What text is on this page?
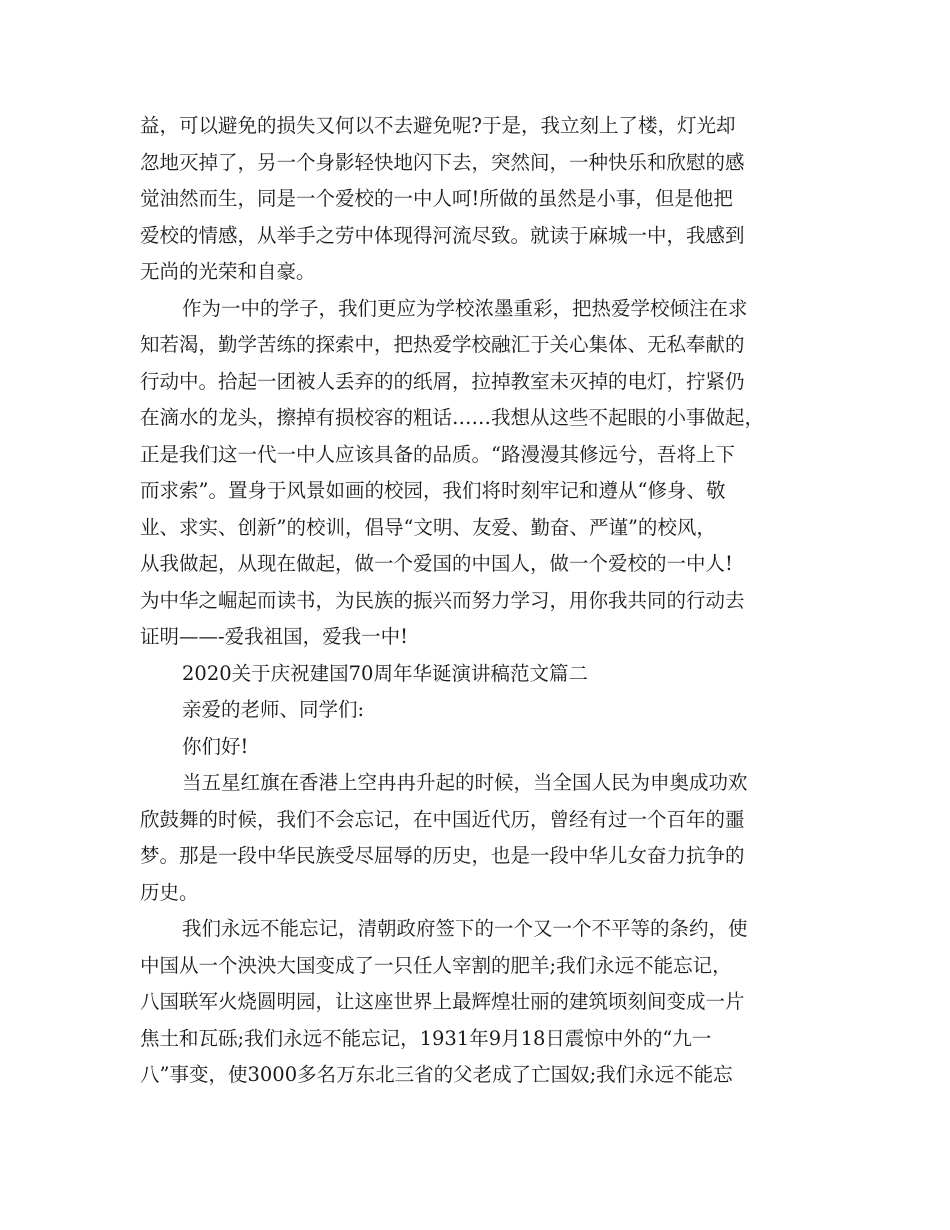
益，可以避免的损失又何以不去避免呢?于是，我立刻上了楼，灯光却
忽地灭掉了，另一个身影轻快地闪下去，突然间，一种快乐和欣慰的感
觉油然而生，同是一个爱校的一中人呵!所做的虽然是小事，但是他把
爱校的情感，从举手之劳中体现得河流尽致。就读于麻城一中，我感到
无尚的光荣和自豪。
作为一中的学子，我们更应为学校浓墨重彩，把热爱学校倾注在求
知若渴，勤学苦练的探索中，把热爱学校融汇于关心集体、无私奉献的
行动中。拾起一团被人丢弃的的纸屑，拉掉教室未灭掉的电灯，拧紧仍
在滴水的龙头，擦掉有损校容的粗话……我想从这些不起眼的小事做起，
正是我们这一代一中人应该具备的品质。“路漫漫其修远兮，吾将上下
而求索”。置身于风景如画的校园，我们将时刻牢记和遵从“修身、敬
业、求实、创新”的校训，倡导“文明、友爱、勤奋、严谨”的校风，
从我做起，从现在做起，做一个爱国的中国人，做一个爱校的一中人!
为中华之崛起而读书，为民族的振兴而努力学习，用你我共同的行动去
证明——-爱我祖国，爱我一中!
2020关于庆祝建国70周年华诞演讲稿范文篇二
亲爱的老师、同学们:
你们好!
当五星红旗在香港上空冉冉升起的时候，当全国人民为申奥成功欢
欣鼓舞的时候，我们不会忘记，在中国近代历，曾经有过一个百年的噩
梦。那是一段中华民族受尽屈辱的历史，也是一段中华儿女奋力抗争的
历史。
我们永远不能忘记，清朝政府签下的一个又一个不平等的条约，使
中国从一个泱泱大国变成了一只任人宰割的肥羊;我们永远不能忘记，
八国联军火烧圆明园，让这座世界上最辉煌壮丽的建筑顷刻间变成一片
焦土和瓦砾;我们永远不能忘记，1931年9月18日震惊中外的“九一
八”事变，使3000多名万东北三省的父老成了亡国奴;我们永远不能忘
